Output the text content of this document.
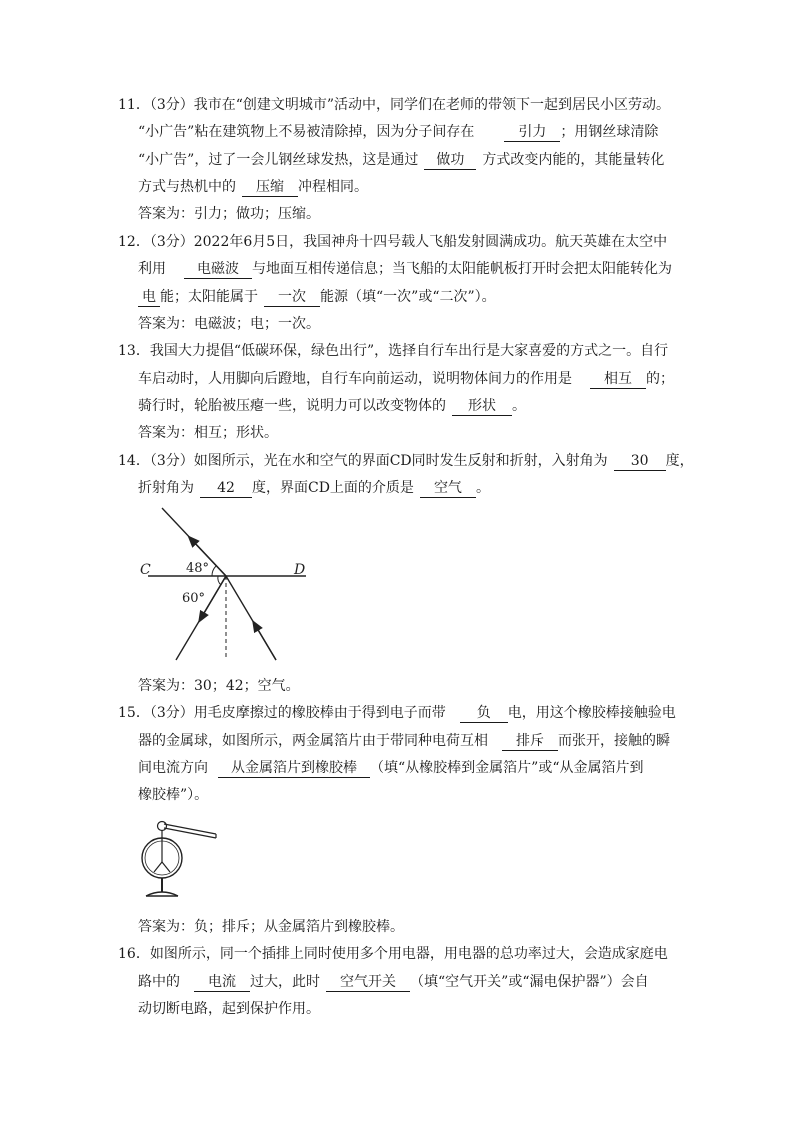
11．（3分）我市在“创建文明城市”活动中，同学们在老师的带领下一起到居民小区劳动。
“小广告”粘在建筑物上不易被清除掉，因为分子间存在	引力 ；用钢丝球清除
“小广告”，过了一会儿钢丝球发热，这是通过 做功 方式改变内能的，其能量转化
方式与热机中的 压缩 冲程相同。
答案为：引力；做功；压缩。
12．（3分）2022年6月5日，我国神舟十四号载人飞船发射圆满成功。航天英雄在太空中
利用 电磁波 与地面互相传递信息；当飞船的太阳能帆板打开时会把太阳能转化为
电 能；太阳能属于 一次 能源（填“一次”或“二次”）。
答案为：电磁波；电；一次。
13．我国大力提倡“低碳环保，绿色出行”，选择自行车出行是大家喜爱的方式之一。自行
车启动时，人用脚向后蹬地，自行车向前运动，说明物体间力的作用是 相互 的；
骑行时，轮胎被压瘪一些，说明力可以改变物体的 形状 。
答案为：相互；形状。
14．（3分）如图所示，光在水和空气的界面CD同时发生反射和折射，入射角为 30 度，
折射角为 42 度，界面CD上面的介质是 空气 。
C	D
48°
60°
答案为：30；42；空气。
15．（3分）用毛皮摩擦过的橡胶棒由于得到电子而带 负 电，用这个橡胶棒接触验电
器的金属球，如图所示，两金属箔片由于带同种电荷互相 排斥 而张开，接触的瞬
间电流方向 从金属箔片到橡胶棒 （填“从橡胶棒到金属箔片”或“从金属箔片到
橡胶棒”）。
答案为：负；排斥；从金属箔片到橡胶棒。
16．如图所示，同一个插排上同时使用多个用电器，用电器的总功率过大，会造成家庭电
路中的 电流 过大，此时 空气开关 （填“空气开关”或“漏电保护器”）会自
动切断电路，起到保护作用。
